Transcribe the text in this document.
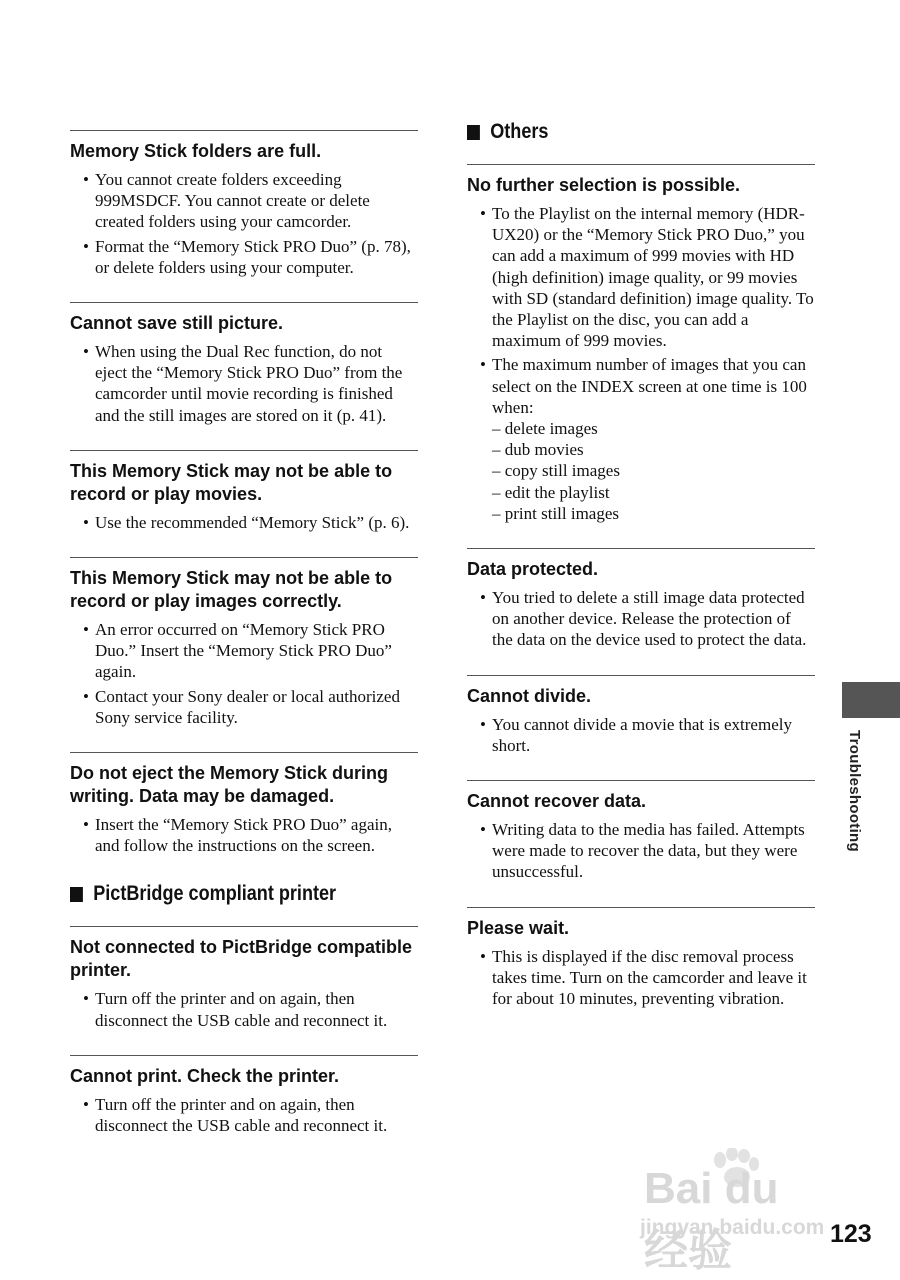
Memory Stick folders are full.
• You cannot create folders exceeding 999MSDCF. You cannot create or delete created folders using your camcorder.
• Format the “Memory Stick PRO Duo” (p. 78), or delete folders using your computer.
Cannot save still picture.
• When using the Dual Rec function, do not eject the “Memory Stick PRO Duo” from the camcorder until movie recording is finished and the still images are stored on it (p. 41).
This Memory Stick may not be able to record or play movies.
• Use the recommended “Memory Stick” (p. 6).
This Memory Stick may not be able to record or play images correctly.
• An error occurred on “Memory Stick PRO Duo.” Insert the “Memory Stick PRO Duo” again.
• Contact your Sony dealer or local authorized Sony service facility.
Do not eject the Memory Stick during writing. Data may be damaged.
• Insert the “Memory Stick PRO Duo” again, and follow the instructions on the screen.
PictBridge compliant printer
Not connected to PictBridge compatible printer.
• Turn off the printer and on again, then disconnect the USB cable and reconnect it.
Cannot print. Check the printer.
• Turn off the printer and on again, then disconnect the USB cable and reconnect it.
Others
No further selection is possible.
• To the Playlist on the internal memory (HDR-UX20) or the “Memory Stick PRO Duo,” you can add a maximum of 999 movies with HD (high definition) image quality, or 99 movies with SD (standard definition) image quality. To the Playlist on the disc, you can add a maximum of 999 movies.
• The maximum number of images that you can select on the INDEX screen at one time is 100 when:
– delete images
– dub movies
– copy still images
– edit the playlist
– print still images
Data protected.
• You tried to delete a still image data protected on another device. Release the protection of the data on the device used to protect the data.
Cannot divide.
• You cannot divide a movie that is extremely short.
Cannot recover data.
• Writing data to the media has failed. Attempts were made to recover the data, but they were unsuccessful.
Please wait.
• This is displayed if the disc removal process takes time. Turn on the camcorder and leave it for about 10 minutes, preventing vibration.
Troubleshooting
123
Bai du 经验
jingyan.baidu.com
